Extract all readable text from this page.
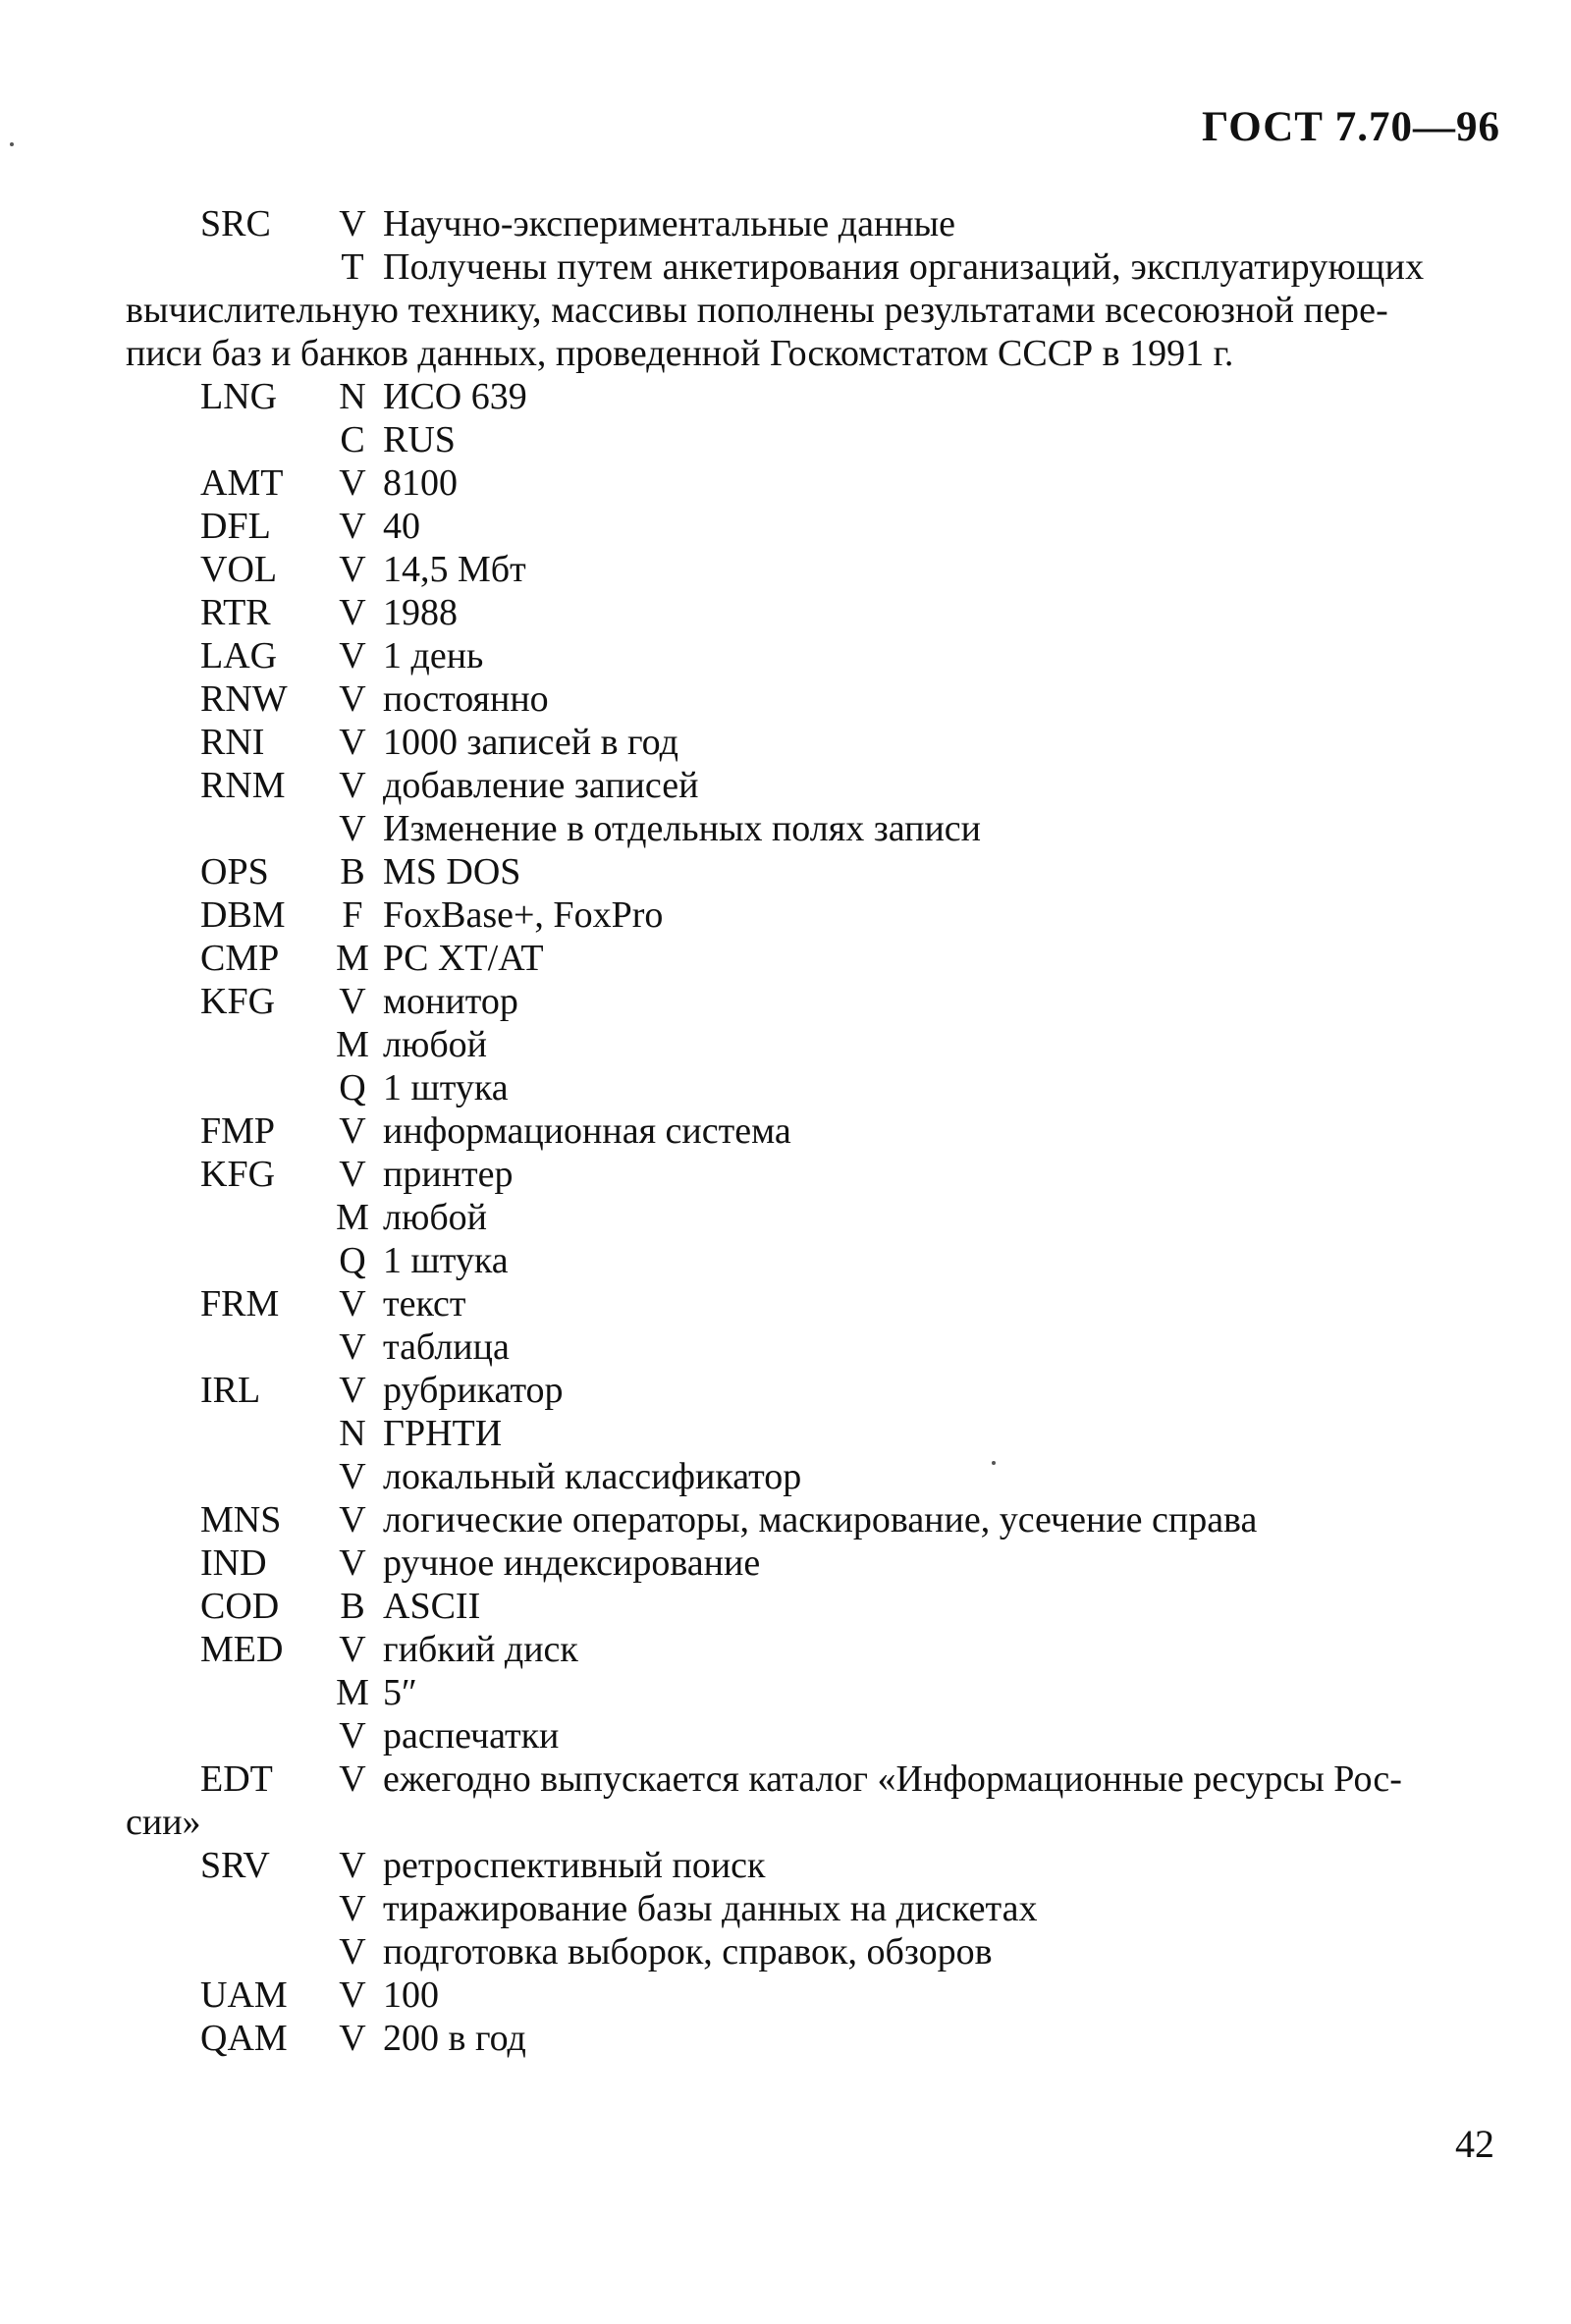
ГОСТ 7.70—96
SRC	V Научно-экспериментальные данные
T Получены путем анкетирования организаций, эксплуатирующих
вычислительную технику, массивы пополнены результатами всесоюзной пере-
писи баз и банков данных, проведенной Госкомстатом СССР в 1991 г.
LNG	N ИСО 639
C RUS
AMT	V 8100
DFL	V 40
VOL	V 14,5 Мбт
RTR	V 1988
LAG	V 1 день
RNW	V постоянно
RNI	V 1000 записей в год
RNM	V добавление записей
V Изменение в отдельных полях записи
OPS	B MS DOS
DBM	F FoxBase+, FoxPro
CMP	M PC XT/AT
KFG	V монитор
M любой
Q 1 штука
FMP	V информационная система
KFG	V принтер
M любой
Q 1 штука
FRM	V текст
V таблица
IRL	V рубрикатор
N ГРНТИ
V локальный классификатор
MNS	V логические операторы, маскирование, усечение справа
IND	V ручное индексирование
COD	B ASCII
MED	V гибкий диск
M 5″
V распечатки
EDT	V ежегодно выпускается каталог «Информационные ресурсы Рос-
сии»
SRV	V ретроспективный поиск
V тиражирование базы данных на дискетах
V подготовка выборок, справок, обзоров
UAM	V 100
QAM	V 200 в год
42
